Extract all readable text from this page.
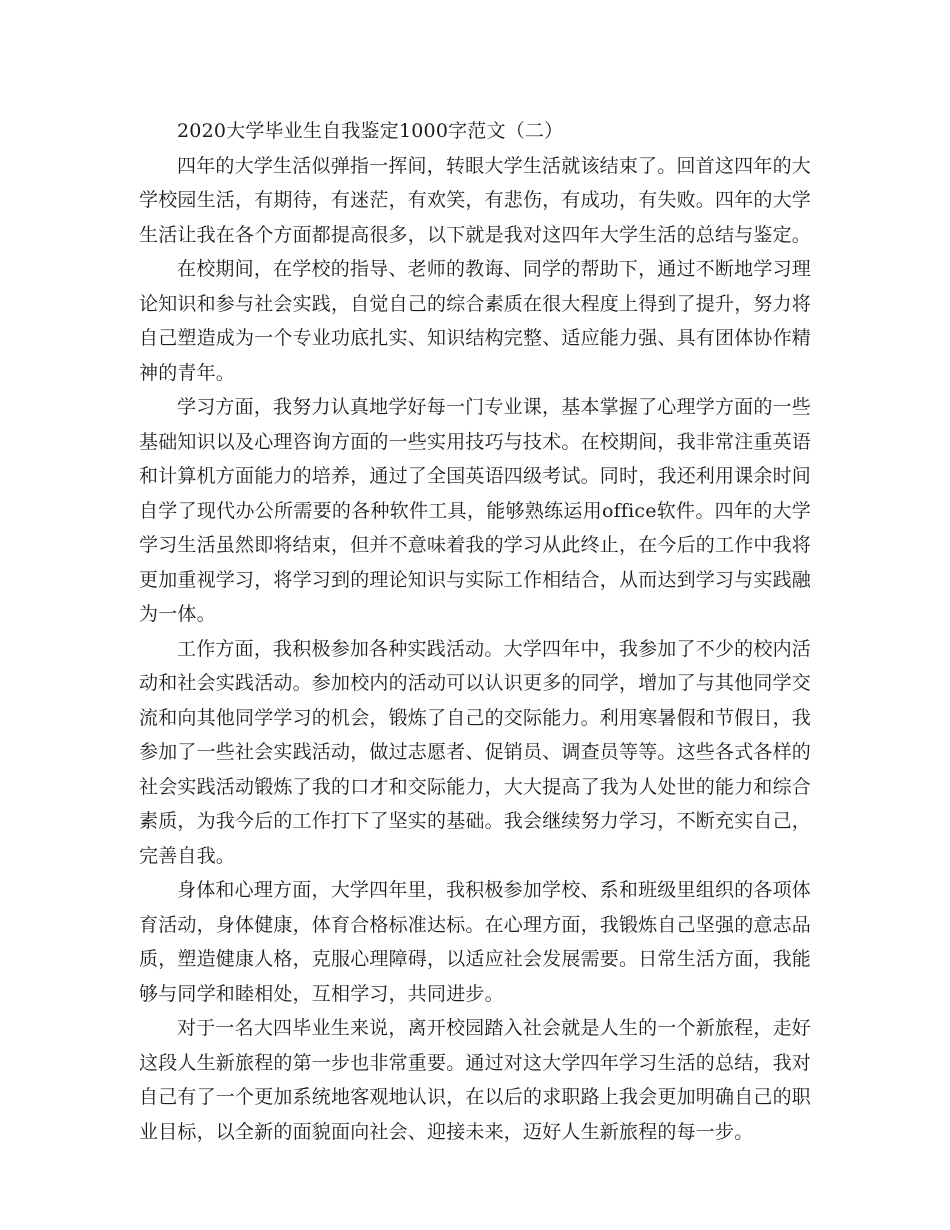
2020大学毕业生自我鉴定1000字范文（二）

四年的大学生活似弹指一挥间，转眼大学生活就该结束了。回首这四年的大学校园生活，有期待，有迷茫，有欢笑，有悲伤，有成功，有失败。四年的大学生活让我在各个方面都提高很多，以下就是我对这四年大学生活的总结与鉴定。

在校期间，在学校的指导、老师的教诲、同学的帮助下，通过不断地学习理论知识和参与社会实践，自觉自己的综合素质在很大程度上得到了提升，努力将自己塑造成为一个专业功底扎实、知识结构完整、适应能力强、具有团体协作精神的青年。

学习方面，我努力认真地学好每一门专业课，基本掌握了心理学方面的一些基础知识以及心理咨询方面的一些实用技巧与技术。在校期间，我非常注重英语和计算机方面能力的培养，通过了全国英语四级考试。同时，我还利用课余时间自学了现代办公所需要的各种软件工具，能够熟练运用office软件。四年的大学学习生活虽然即将结束，但并不意味着我的学习从此终止，在今后的工作中我将更加重视学习，将学习到的理论知识与实际工作相结合，从而达到学习与实践融为一体。

工作方面，我积极参加各种实践活动。大学四年中，我参加了不少的校内活动和社会实践活动。参加校内的活动可以认识更多的同学，增加了与其他同学交流和向其他同学学习的机会，锻炼了自己的交际能力。利用寒暑假和节假日，我参加了一些社会实践活动，做过志愿者、促销员、调查员等等。这些各式各样的社会实践活动锻炼了我的口才和交际能力，大大提高了我为人处世的能力和综合素质，为我今后的工作打下了坚实的基础。我会继续努力学习，不断充实自己，完善自我。

身体和心理方面，大学四年里，我积极参加学校、系和班级里组织的各项体育活动，身体健康，体育合格标准达标。在心理方面，我锻炼自己坚强的意志品质，塑造健康人格，克服心理障碍，以适应社会发展需要。日常生活方面，我能够与同学和睦相处，互相学习，共同进步。

对于一名大四毕业生来说，离开校园踏入社会就是人生的一个新旅程，走好这段人生新旅程的第一步也非常重要。通过对这大学四年学习生活的总结，我对自己有了一个更加系统地客观地认识，在以后的求职路上我会更加明确自己的职业目标，以全新的面貌面向社会、迎接未来，迈好人生新旅程的每一步。
